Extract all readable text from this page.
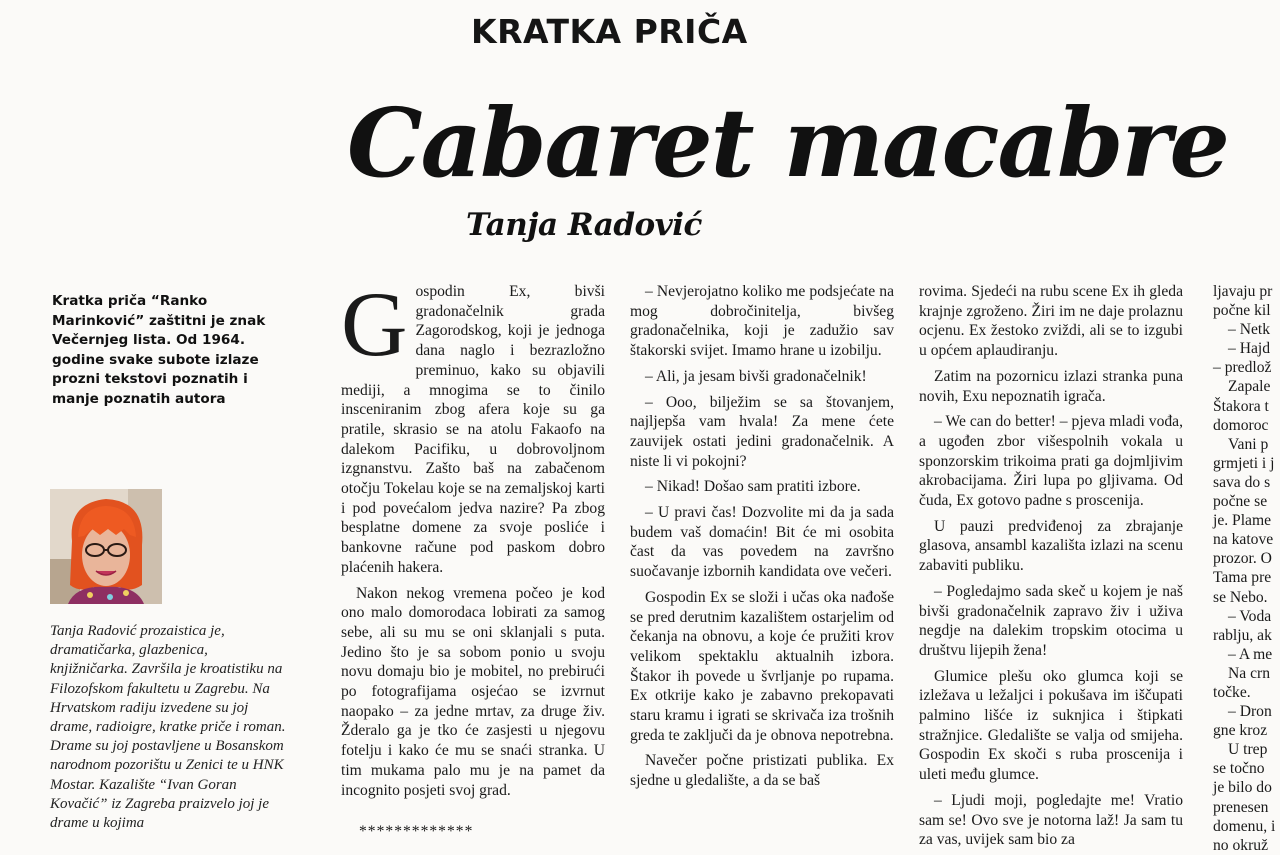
KRATKA PRIČA
Cabaret macabre
Tanja Radović

Kratka priča “Ranko Marinković” zaštitni je znak Večernjeg lista. Od 1964. godine svake subote izlaze prozni tekstovi poznatih i manje poznatih autora

Tanja Radović prozaistica je, dramatičarka, glazbenica, knjižničarka. Završila je kroatistiku na Filozofskom fakultetu u Zagrebu. Na Hrvatskom radiju izvedene su joj drame, radioigre, kratke priče i roman. Drame su joj postavljene u Bosanskom narodnom pozorištu u Zenici te u HNK Mostar. Kazalište “Ivan Goran Kovačić” iz Zagreba praizvelo joj je drame u kojima

Gospodin Ex, bivši gradonačelnik grada Zagorodskog, koji je jednoga dana naglo i bezrazložno preminuo, kako su objavili mediji, a mnogima se to činilo insceniranim zbog afera koje su ga pratile, skrasio se na atolu Fakaofo na dalekom Pacifiku, u dobrovoljnom izgnanstvu. Zašto baš na zabačenom otočju Tokelau koje se na zemaljskoj karti i pod povećalom jedva nazire? Pa zbog besplatne domene za svoje posliće i bankovne račune pod paskom dobro plaćenih hakera.

Nakon nekog vremena počeo je kod ono malo domorodaca lobirati za samog sebe, ali su mu se oni sklanjali s puta. Jedino što je sa sobom ponio u svoju novu domaju bio je mobitel, no prebirući po fotografijama osjećao se izvrnut naopako – za jedne mrtav, za druge živ. Žderalo ga je tko će zasjesti u njegovu fotelju i kako će mu se snaći stranka. U tim mukama palo mu je na pamet da incognito posjeti svoj grad.

*************

– Nevjerojatno koliko me podsjećate na mog dobročinitelja, bivšeg gradonačelnika, koji je zadužio sav štakorski svijet. Imamo hrane u izobilju.

– Ali, ja jesam bivši gradonačelnik!

– Ooo, bilježim se sa štovanjem, najljepša vam hvala! Za mene ćete zauvijek ostati jedini gradonačelnik. A niste li vi pokojni?

– Nikad! Došao sam pratiti izbore.

– U pravi čas! Dozvolite mi da ja sada budem vaš domaćin! Bit će mi osobita čast da vas povedem na završno suočavanje izbornih kandidata ove večeri.

Gospodin Ex se složi i učas oka nađoše se pred derutnim kazalištem ostarjelim od čekanja na obnovu, a koje će pružiti krov velikom spektaklu aktualnih izbora. Štakor ih povede u švrljanje po rupama. Ex otkrije kako je zabavno prekopavati staru kramu i igrati se skrivača iza trošnih greda te zaključi da je obnova nepotrebna.

Navečer počne pristizati publika. Ex sjedne u gledalište, a da se baš

rovima. Sjedeći na rubu scene Ex ih gleda krajnje zgroženo. Žiri im ne daje prolaznu ocjenu. Ex žestoko zviždi, ali se to izgubi u općem aplaudiranju.

Zatim na pozornicu izlazi stranka puna novih, Exu nepoznatih igrača.

– We can do better! – pjeva mladi vođa, a ugođen zbor višespolnih vokala u sponzorskim trikoima prati ga dojmljivim akrobacijama. Žiri lupa po gljivama. Od čuda, Ex gotovo padne s proscenija.

U pauzi predviđenoj za zbrajanje glasova, ansambl kazališta izlazi na scenu zabaviti publiku.

– Pogledajmo sada skeč u kojem je naš bivši gradonačelnik zapravo živ i uživa negdje na dalekim tropskim otocima u društvu lijepih žena!

Glumice plešu oko glumca koji se izležava u ležaljci i pokušava im iščupati palmino lišće iz suknjica i štipkati stražnjice. Gledalište se valja od smijeha. Gospodin Ex skoči s ruba proscenija i uleti među glumce.

– Ljudi moji, pogledajte me! Vratio sam se! Ovo sve je notorna laž! Ja sam tu za vas, uvijek sam bio za

ljavaju pr
počne kil
– Netk
– Hajd
– predlož
Zapale
Štakora t
domoroc
Vani p
grmjeti i j
sava do s
počne se
je. Plame
na katove
prozor. O
Tama pre
se Nebo.
– Voda
rablju, ak
– A me
Na crn
točke.
– Dron
gne kroz
U trep
se točno
je bilo do
prenesen
domenu, i
no okruž
